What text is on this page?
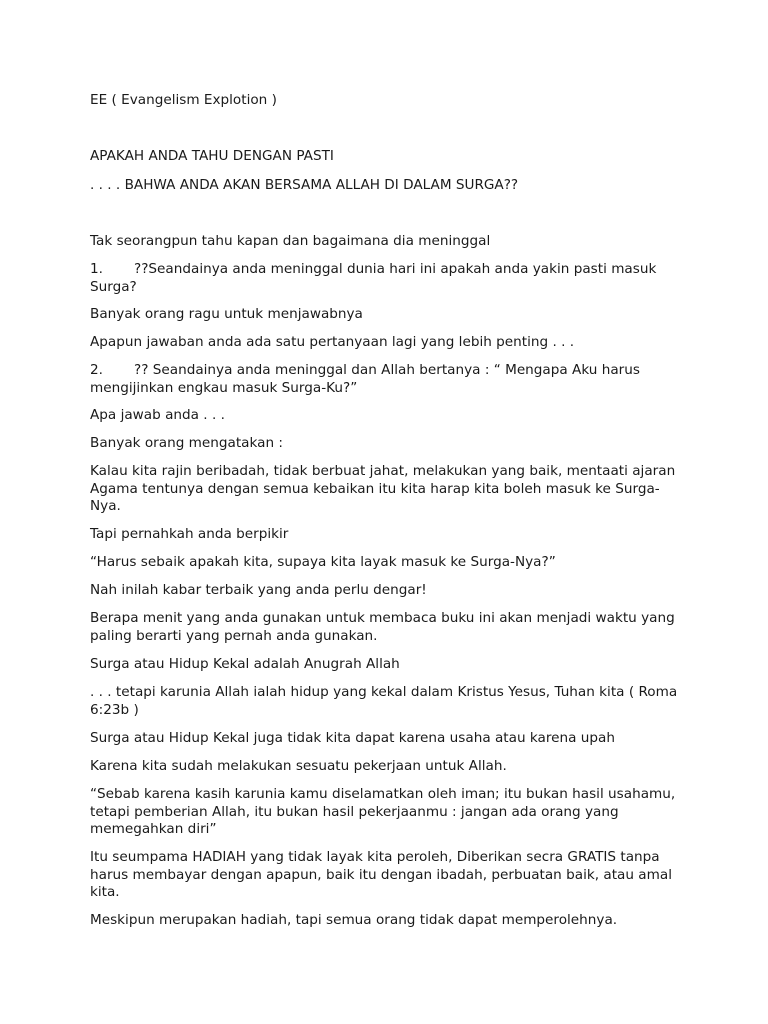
EE ( Evangelism Explotion )

APAKAH ANDA TAHU DENGAN PASTI

. . . . BAHWA ANDA AKAN BERSAMA ALLAH DI DALAM SURGA??

Tak seorangpun tahu kapan dan bagaimana dia meninggal

1. ??Seandainya anda meninggal dunia hari ini apakah anda yakin pasti masuk Surga?

Banyak orang ragu untuk menjawabnya

Apapun jawaban anda ada satu pertanyaan lagi yang lebih penting . . .

2. ?? Seandainya anda meninggal dan Allah bertanya : “ Mengapa Aku harus mengijinkan engkau masuk Surga-Ku?”

Apa jawab anda . . .

Banyak orang mengatakan :

Kalau kita rajin beribadah, tidak berbuat jahat, melakukan yang baik, mentaati ajaran Agama tentunya dengan semua kebaikan itu kita harap kita boleh masuk ke Surga-Nya.

Tapi pernahkah anda berpikir

“Harus sebaik apakah kita, supaya kita layak masuk ke Surga-Nya?”

Nah inilah kabar terbaik yang anda perlu dengar!

Berapa menit yang anda gunakan untuk membaca buku ini akan menjadi waktu yang paling berarti yang pernah anda gunakan.

Surga atau Hidup Kekal adalah Anugrah Allah

. . . tetapi karunia Allah ialah hidup yang kekal dalam Kristus Yesus, Tuhan kita ( Roma 6:23b )

Surga atau Hidup Kekal juga tidak kita dapat karena usaha atau karena upah

Karena kita sudah melakukan sesuatu pekerjaan untuk Allah.

“Sebab karena kasih karunia kamu diselamatkan oleh iman; itu bukan hasil usahamu, tetapi pemberian Allah, itu bukan hasil pekerjaanmu : jangan ada orang yang memegahkan diri”

Itu seumpama HADIAH yang tidak layak kita peroleh, Diberikan secra GRATIS tanpa harus membayar dengan apapun, baik itu dengan ibadah, perbuatan baik, atau amal kita.

Meskipun merupakan hadiah, tapi semua orang tidak dapat memperolehnya.
